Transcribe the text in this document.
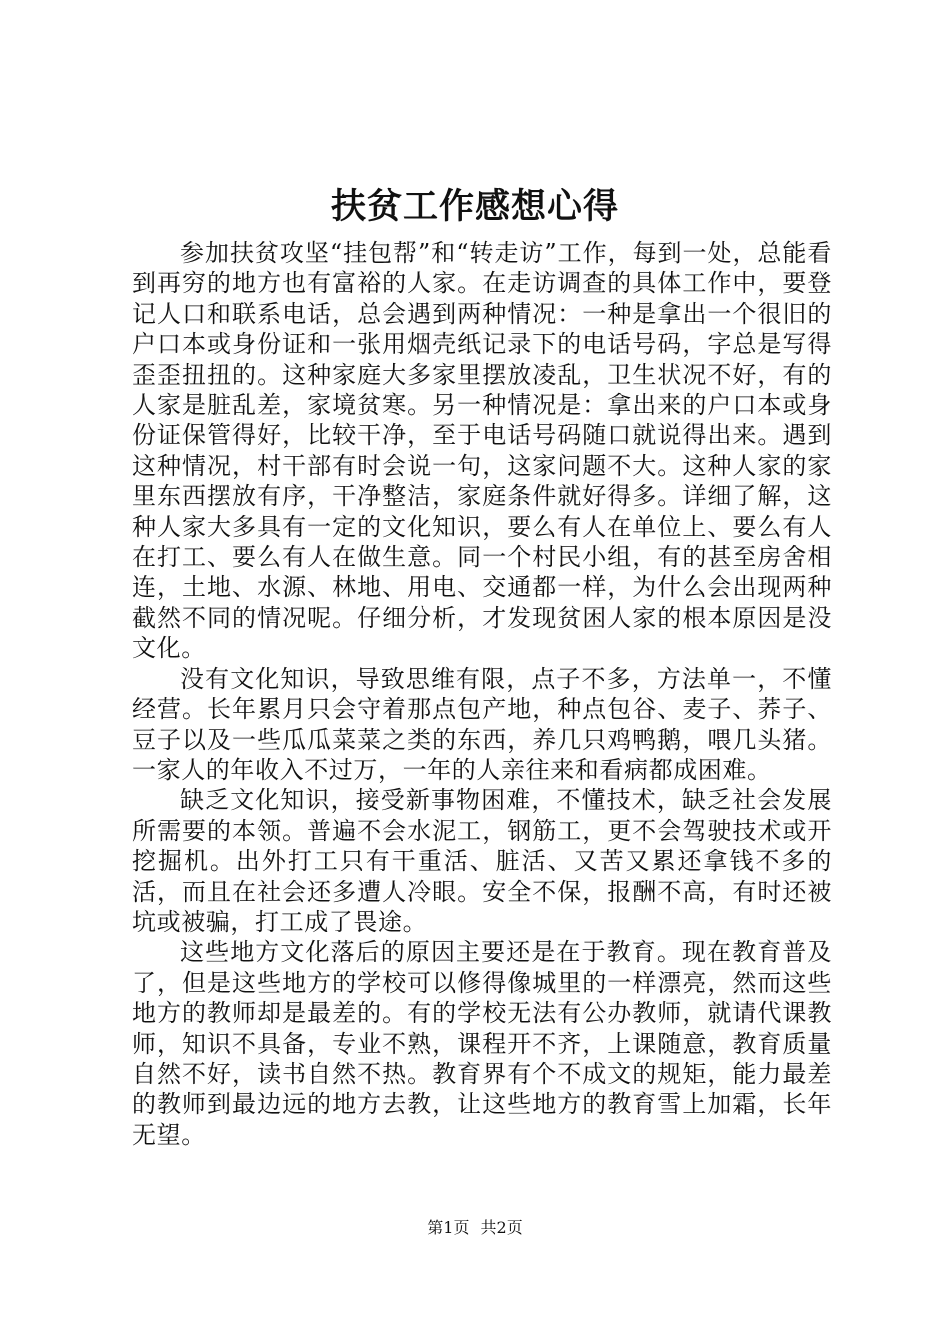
扶贫工作感想心得

参加扶贫攻坚“挂包帮”和“转走访”工作，每到一处，总能看到再穷的地方也有富裕的人家。在走访调查的具体工作中，要登记人口和联系电话，总会遇到两种情况：一种是拿出一个很旧的户口本或身份证和一张用烟壳纸记录下的电话号码，字总是写得歪歪扭扭的。这种家庭大多家里摆放凌乱，卫生状况不好，有的人家是脏乱差，家境贫寒。另一种情况是：拿出来的户口本或身份证保管得好，比较干净，至于电话号码随口就说得出来。遇到这种情况，村干部有时会说一句，这家问题不大。这种人家的家里东西摆放有序，干净整洁，家庭条件就好得多。详细了解，这种人家大多具有一定的文化知识，要么有人在单位上、要么有人在打工、要么有人在做生意。同一个村民小组，有的甚至房舍相连，土地、水源、林地、用电、交通都一样，为什么会出现两种截然不同的情况呢。仔细分析，才发现贫困人家的根本原因是没文化。

没有文化知识，导致思维有限，点子不多，方法单一，不懂经营。长年累月只会守着那点包产地，种点包谷、麦子、荞子、豆子以及一些瓜瓜菜菜之类的东西，养几只鸡鸭鹅，喂几头猪。一家人的年收入不过万，一年的人亲往来和看病都成困难。

缺乏文化知识，接受新事物困难，不懂技术，缺乏社会发展所需要的本领。普遍不会水泥工，钢筋工，更不会驾驶技术或开挖掘机。出外打工只有干重活、脏活、又苦又累还拿钱不多的活，而且在社会还多遭人冷眼。安全不保，报酬不高，有时还被坑或被骗，打工成了畏途。

这些地方文化落后的原因主要还是在于教育。现在教育普及了，但是这些地方的学校可以修得像城里的一样漂亮，然而这些地方的教师却是最差的。有的学校无法有公办教师，就请代课教师，知识不具备，专业不熟，课程开不齐，上课随意，教育质量自然不好，读书自然不热。教育界有个不成文的规矩，能力最差的教师到最边远的地方去教，让这些地方的教育雪上加霜，长年无望。

第1页 共2页
